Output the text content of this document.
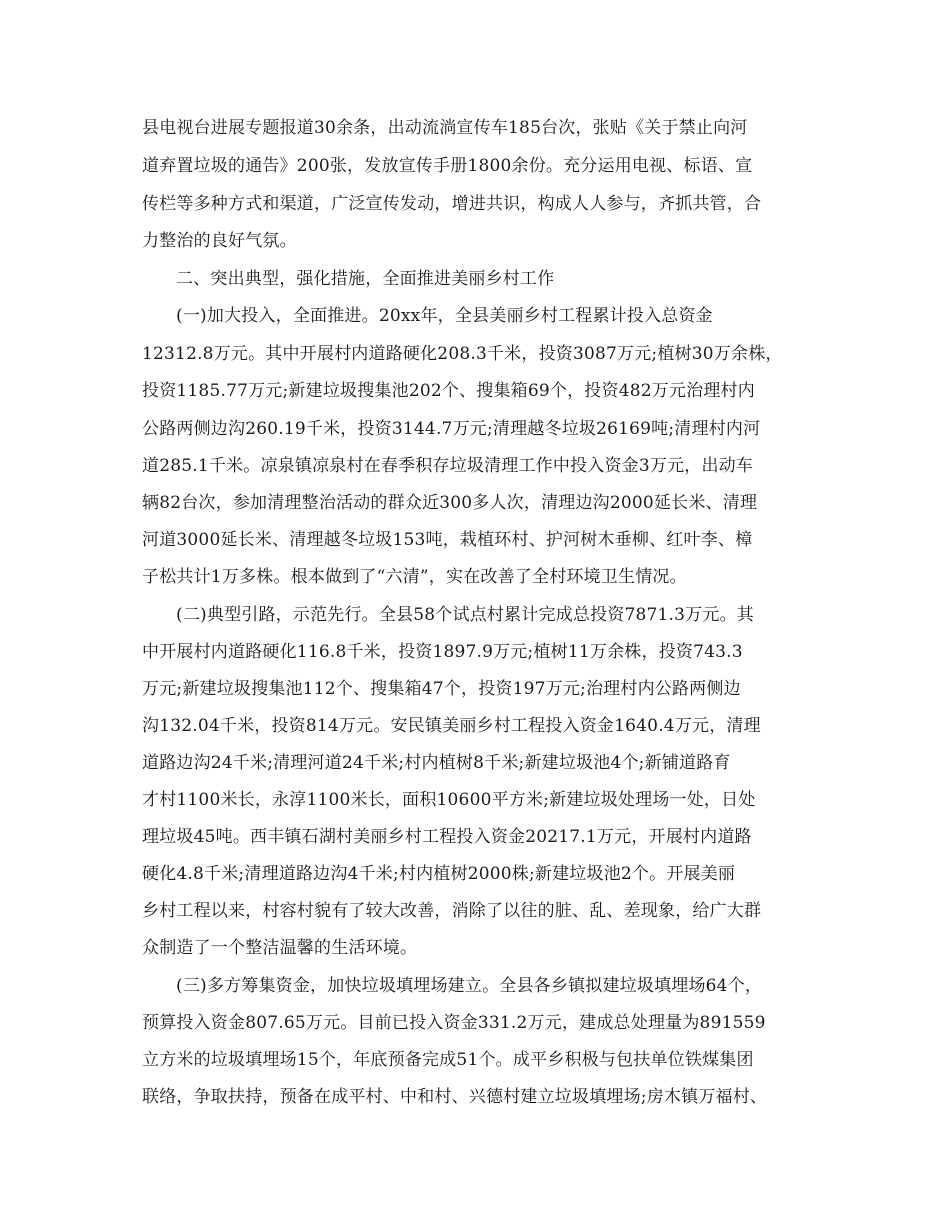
县电视台进展专题报道30余条，出动流淌宣传车185台次，张贴《关于禁止向河
道弃置垃圾的通告》200张，发放宣传手册1800余份。充分运用电视、标语、宣
传栏等多种方式和渠道，广泛宣传发动，增进共识，构成人人参与，齐抓共管，合
力整治的良好气氛。
二、突出典型，强化措施，全面推进美丽乡村工作
(一)加大投入，全面推进。20xx年，全县美丽乡村工程累计投入总资金
12312.8万元。其中开展村内道路硬化208.3千米，投资3087万元;植树30万余株，
投资1185.77万元;新建垃圾搜集池202个、搜集箱69个，投资482万元治理村内
公路两侧边沟260.19千米，投资3144.7万元;清理越冬垃圾26169吨;清理村内河
道285.1千米。凉泉镇凉泉村在春季积存垃圾清理工作中投入资金3万元，出动车
辆82台次，参加清理整治活动的群众近300多人次，清理边沟2000延长米、清理
河道3000延长米、清理越冬垃圾153吨，栽植环村、护河树木垂柳、红叶李、樟
子松共计1万多株。根本做到了“六清”，实在改善了全村环境卫生情况。
(二)典型引路，示范先行。全县58个试点村累计完成总投资7871.3万元。其
中开展村内道路硬化116.8千米，投资1897.9万元;植树11万余株，投资743.3
万元;新建垃圾搜集池112个、搜集箱47个，投资197万元;治理村内公路两侧边
沟132.04千米，投资814万元。安民镇美丽乡村工程投入资金1640.4万元，清理
道路边沟24千米;清理河道24千米;村内植树8千米;新建垃圾池4个;新铺道路育
才村1100米长，永淳1100米长，面积10600平方米;新建垃圾处理场一处，日处
理垃圾45吨。西丰镇石湖村美丽乡村工程投入资金20217.1万元，开展村内道路
硬化4.8千米;清理道路边沟4千米;村内植树2000株;新建垃圾池2个。开展美丽
乡村工程以来，村容村貌有了较大改善，消除了以往的脏、乱、差现象，给广大群
众制造了一个整洁温馨的生活环境。
(三)多方筹集资金，加快垃圾填埋场建立。全县各乡镇拟建垃圾填埋场64个，
预算投入资金807.65万元。目前已投入资金331.2万元，建成总处理量为891559
立方米的垃圾填埋场15个，年底预备完成51个。成平乡积极与包扶单位铁煤集团
联络，争取扶持，预备在成平村、中和村、兴德村建立垃圾填埋场;房木镇万福村、
